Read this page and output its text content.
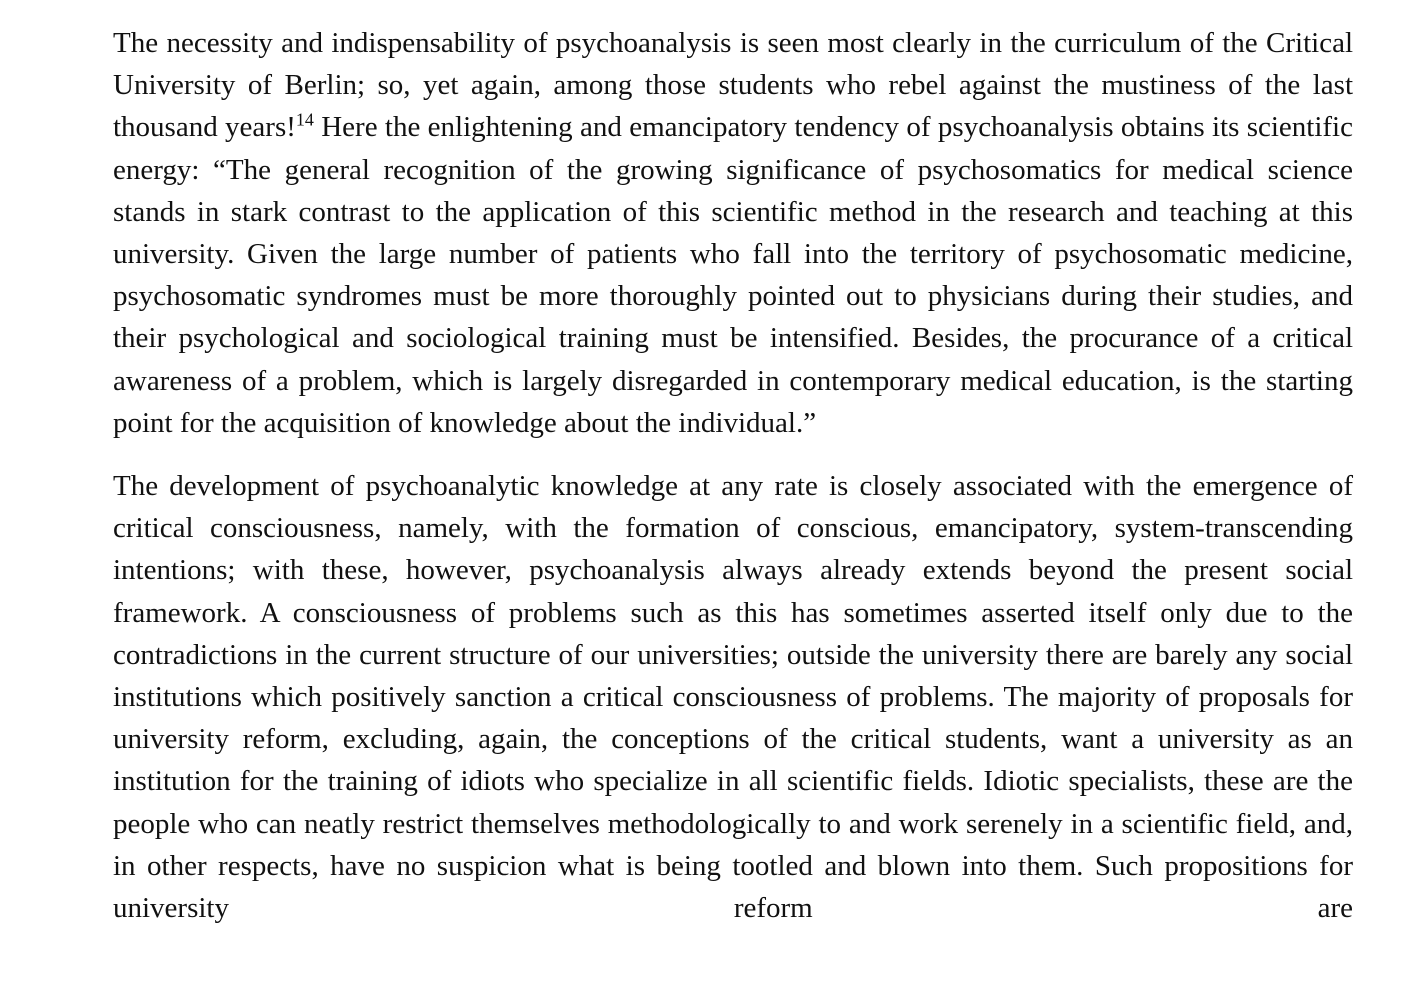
The necessity and indispensability of psychoanalysis is seen most clearly in the curriculum of the Critical University of Berlin; so, yet again, among those students who rebel against the mustiness of the last thousand years!$^{14}$ Here the enlightening and emancipatory tendency of psychoanalysis obtains its scientific energy: “The general recognition of the growing significance of psychosomatics for medical science stands in stark contrast to the application of this scientific method in the research and teaching at this university. Given the large number of patients who fall into the territory of psychosomatic medicine, psychosomatic syndromes must be more thoroughly pointed out to physicians during their studies, and their psychological and sociological training must be intensified. Besides, the procurance of a critical awareness of a problem, which is largely disregarded in contemporary medical education, is the starting point for the acquisition of knowledge about the individual.”

The development of psychoanalytic knowledge at any rate is closely associated with the emergence of critical consciousness, namely, with the formation of conscious, emancipatory, system-transcending intentions; with these, however, psychoanalysis always already extends beyond the present social framework. A consciousness of problems such as this has sometimes asserted itself only due to the contradictions in the current structure of our universities; outside the university there are barely any social institutions which positively sanction a critical consciousness of problems. The majority of proposals for university reform, excluding, again, the conceptions of the critical students, want a university as an institution for the training of idiots who specialize in all scientific fields. Idiotic specialists, these are the people who can neatly restrict themselves methodologically to and work serenely in a scientific field, and, in other respects, have no suspicion what is being tootled and blown into them. Such propositions for university reform are
